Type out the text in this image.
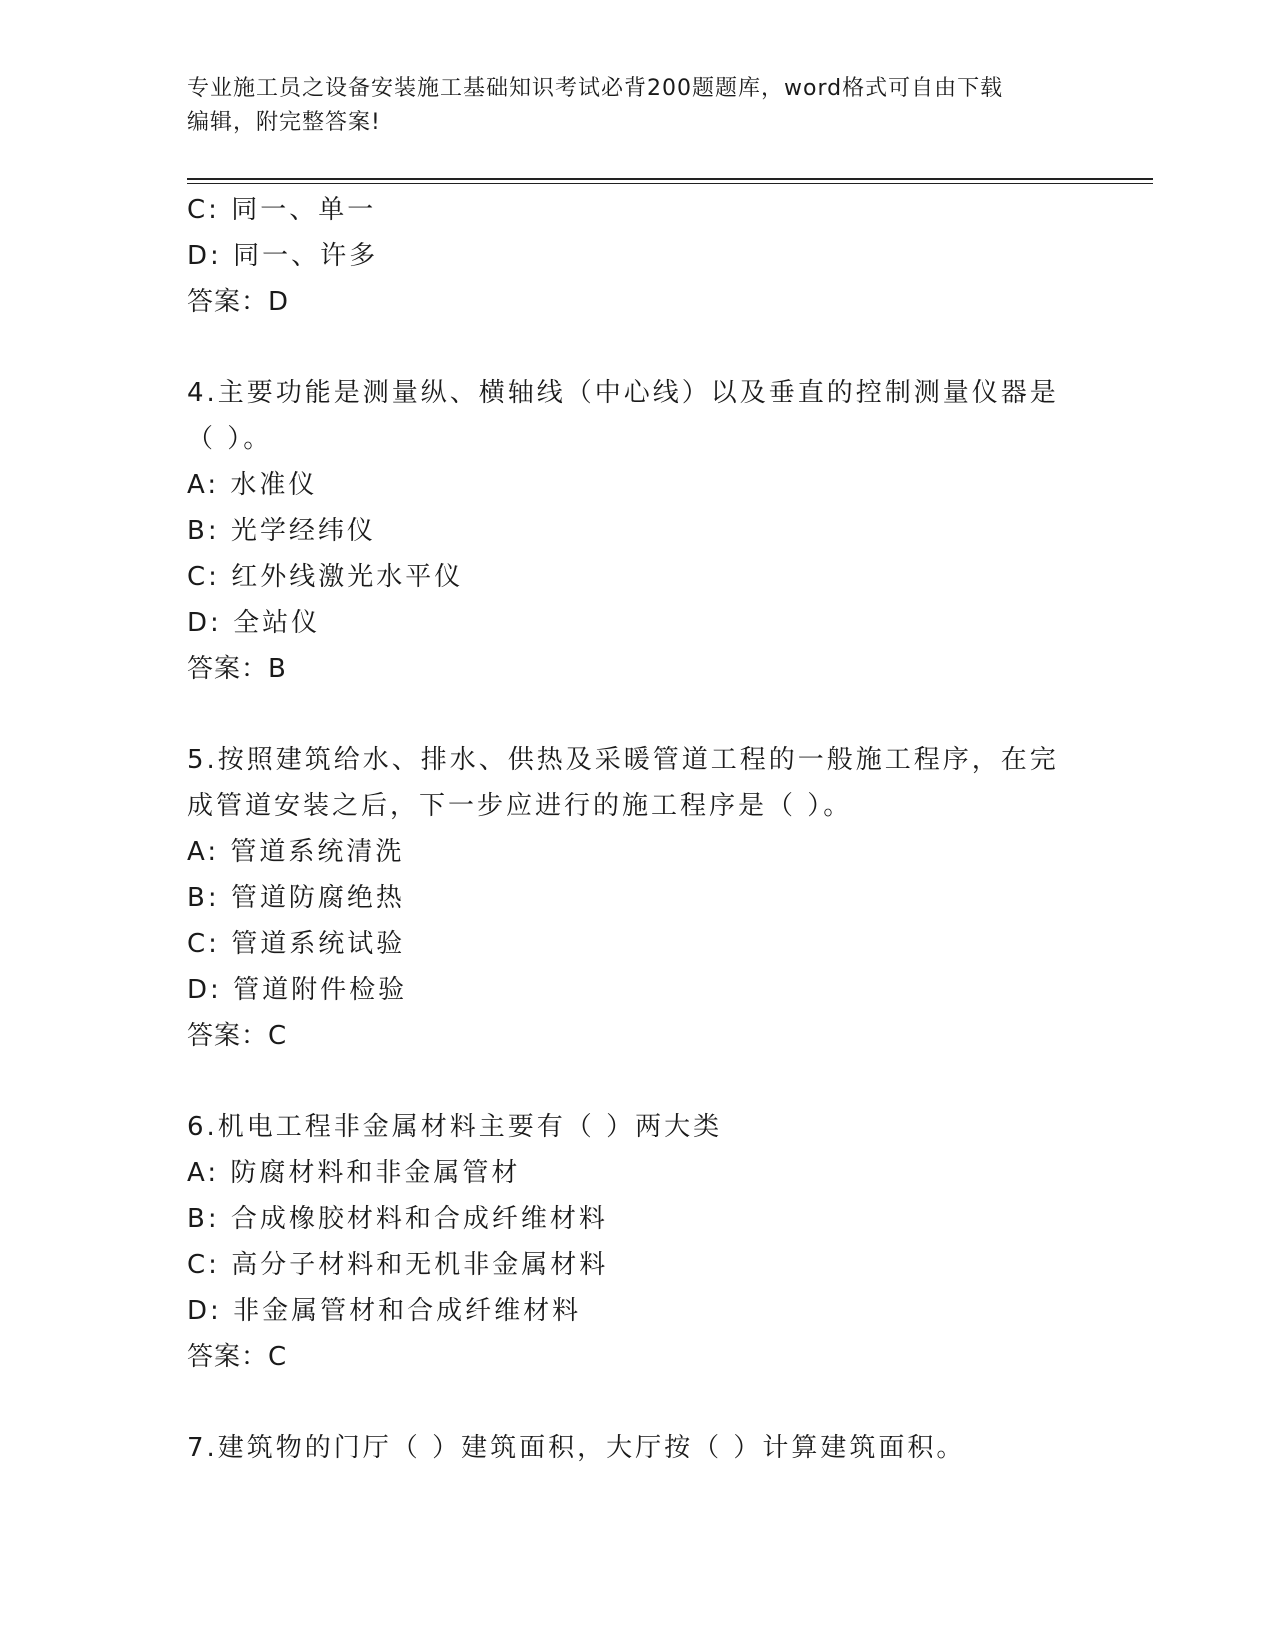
专业施工员之设备安装施工基础知识考试必背200题题库，word格式可自由下载
编辑，附完整答案!
C: 同一、单一
D: 同一、许多
答案：D
4.主要功能是测量纵、横轴线（中心线）以及垂直的控制测量仪器是
（ ）。
A: 水准仪
B: 光学经纬仪
C: 红外线激光水平仪
D: 全站仪
答案：B
5.按照建筑给水、排水、供热及采暖管道工程的一般施工程序，在完
成管道安装之后，下一步应进行的施工程序是（ ）。
A: 管道系统清洗
B: 管道防腐绝热
C: 管道系统试验
D: 管道附件检验
答案：C
6.机电工程非金属材料主要有（ ）两大类
A: 防腐材料和非金属管材
B: 合成橡胶材料和合成纤维材料
C: 高分子材料和无机非金属材料
D: 非金属管材和合成纤维材料
答案：C
7.建筑物的门厅（ ）建筑面积，大厅按（ ）计算建筑面积。
